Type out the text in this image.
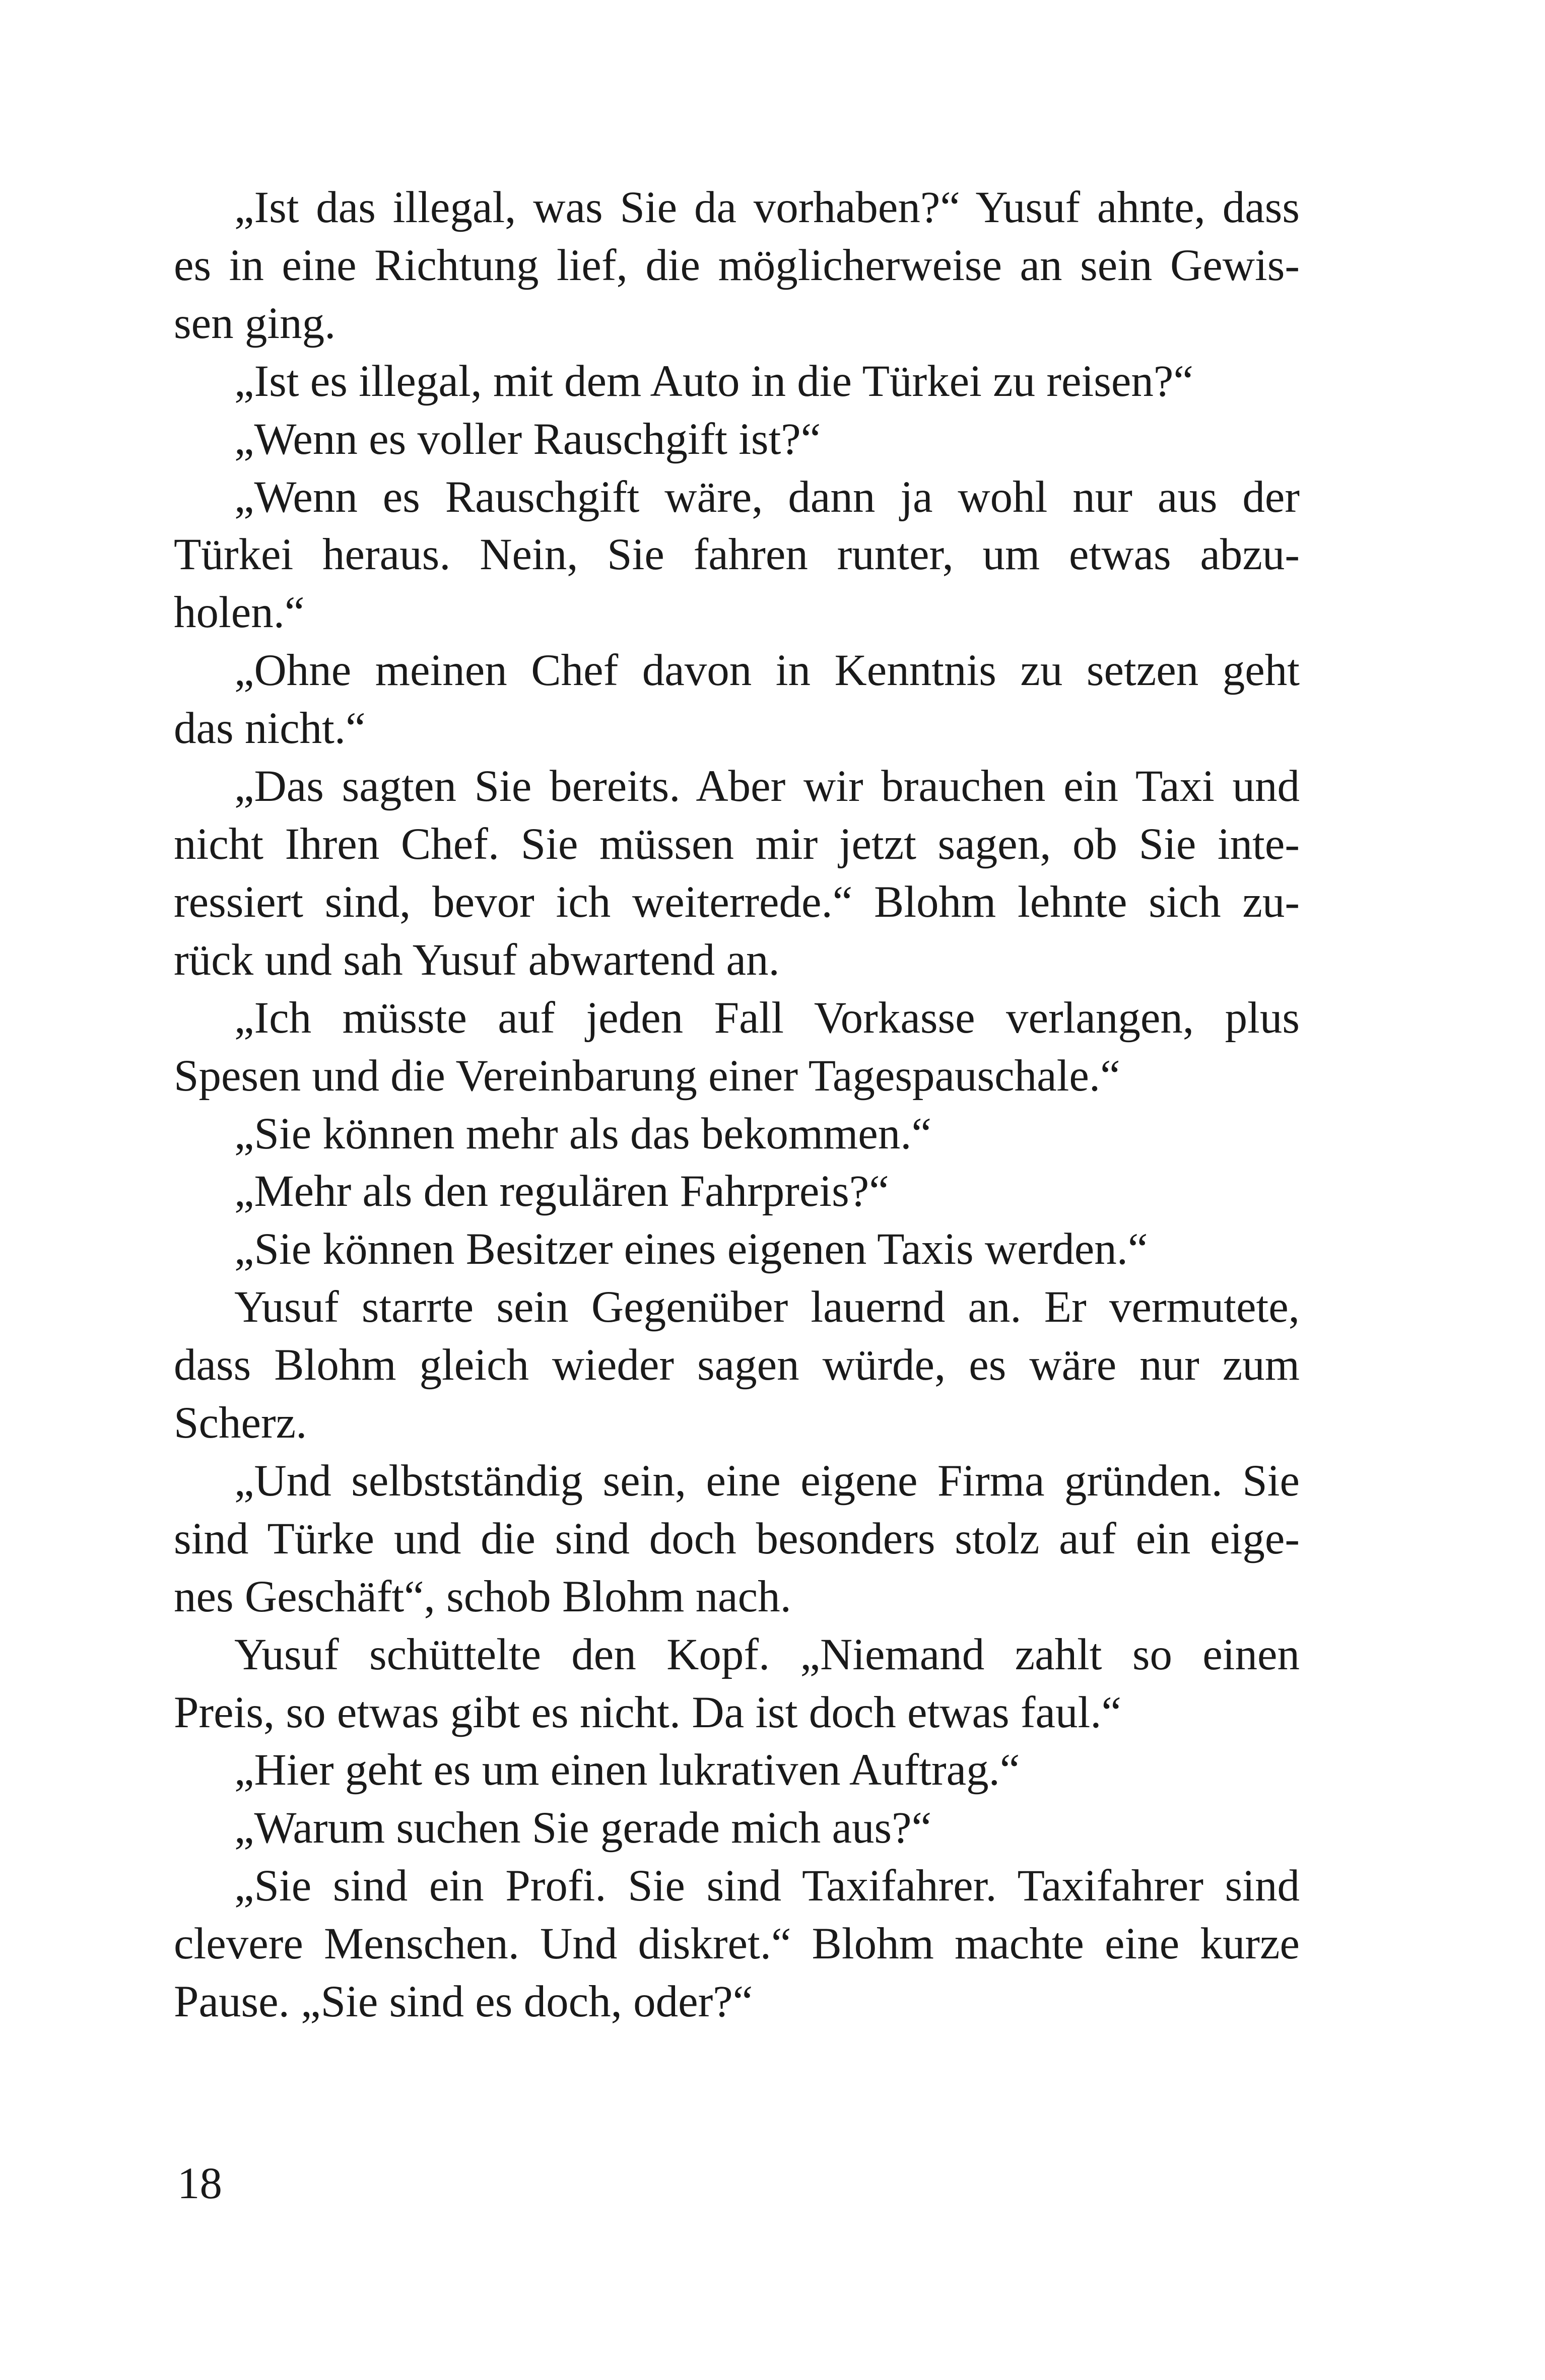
„Ist das illegal, was Sie da vorhaben?“ Yusuf ahnte, dass
es in eine Richtung lief, die möglicherweise an sein Gewis-
sen ging.
„Ist es illegal, mit dem Auto in die Türkei zu reisen?“
„Wenn es voller Rauschgift ist?“
„Wenn es Rauschgift wäre, dann ja wohl nur aus der
Türkei heraus. Nein, Sie fahren runter, um etwas abzu-
holen.“
„Ohne meinen Chef davon in Kenntnis zu setzen geht
das nicht.“
„Das sagten Sie bereits. Aber wir brauchen ein Taxi und
nicht Ihren Chef. Sie müssen mir jetzt sagen, ob Sie inte-
ressiert sind, bevor ich weiterrede.“ Blohm lehnte sich zu-
rück und sah Yusuf abwartend an.
„Ich müsste auf jeden Fall Vorkasse verlangen, plus
Spesen und die Vereinbarung einer Tagespauschale.“
„Sie können mehr als das bekommen.“
„Mehr als den regulären Fahrpreis?“
„Sie können Besitzer eines eigenen Taxis werden.“
Yusuf starrte sein Gegenüber lauernd an. Er vermutete,
dass Blohm gleich wieder sagen würde, es wäre nur zum
Scherz.
„Und selbstständig sein, eine eigene Firma gründen. Sie
sind Türke und die sind doch besonders stolz auf ein eige-
nes Geschäft“, schob Blohm nach.
Yusuf schüttelte den Kopf. „Niemand zahlt so einen
Preis, so etwas gibt es nicht. Da ist doch etwas faul.“
„Hier geht es um einen lukrativen Auftrag.“
„Warum suchen Sie gerade mich aus?“
„Sie sind ein Profi. Sie sind Taxifahrer. Taxifahrer sind
clevere Menschen. Und diskret.“ Blohm machte eine kurze
Pause. „Sie sind es doch, oder?“
18
